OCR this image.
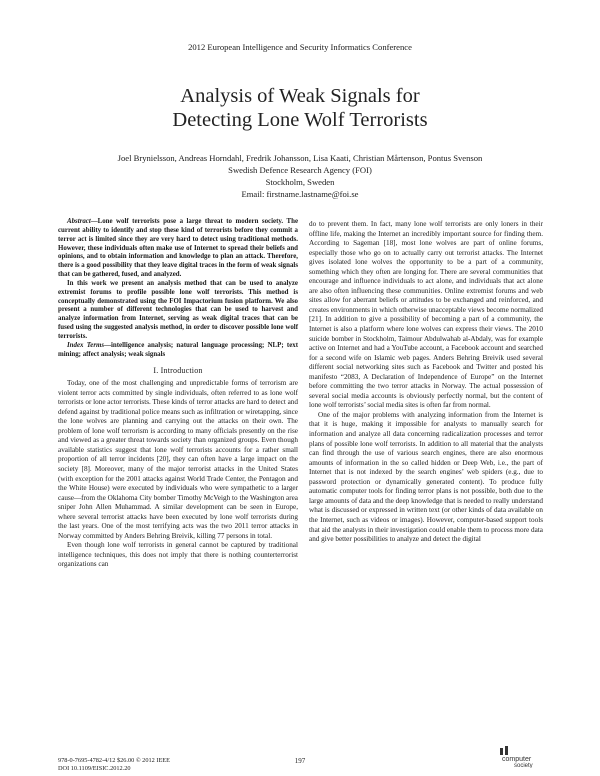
2012 European Intelligence and Security Informatics Conference
Analysis of Weak Signals for
Detecting Lone Wolf Terrorists
Joel Brynielsson, Andreas Horndahl, Fredrik Johansson, Lisa Kaati, Christian Mårtenson, Pontus Svenson
Swedish Defence Research Agency (FOI)
Stockholm, Sweden
Email: firstname.lastname@foi.se

Abstract—Lone wolf terrorists pose a large threat to modern society. The current ability to identify and stop these kind of terrorists before they commit a terror act is limited since they are very hard to detect using traditional methods. However, these individuals often make use of Internet to spread their beliefs and opinions, and to obtain information and knowledge to plan an attack. Therefore, there is a good possibility that they leave digital traces in the form of weak signals that can be gathered, fused, and analyzed.

In this work we present an analysis method that can be used to analyze extremist forums to profile possible lone wolf terrorists. This method is conceptually demonstrated using the FOI Impactorium fusion platform. We also present a number of different technologies that can be used to harvest and analyze information from Internet, serving as weak digital traces that can be fused using the suggested analysis method, in order to discover possible lone wolf terrorists.

Index Terms—intelligence analysis; natural language processing; NLP; text mining; affect analysis; weak signals

I. Introduction

Today, one of the most challenging and unpredictable forms of terrorism are violent terror acts committed by single individuals, often referred to as lone wolf terrorists or lone actor terrorists. These kinds of terror attacks are hard to detect and defend against by traditional police means such as infiltration or wiretapping, since the lone wolves are planning and carrying out the attacks on their own. The problem of lone wolf terrorism is according to many officials presently on the rise and viewed as a greater threat towards society than organized groups. Even though available statistics suggest that lone wolf terrorists accounts for a rather small proportion of all terror incidents [20], they can often have a large impact on the society [8]. Moreover, many of the major terrorist attacks in the United States (with exception for the 2001 attacks against World Trade Center, the Pentagon and the White House) were executed by individuals who were sympathetic to a larger cause—from the Oklahoma City bomber Timothy McVeigh to the Washington area sniper John Allen Muhammad. A similar development can be seen in Europe, where several terrorist attacks have been executed by lone wolf terrorists during the last years. One of the most terrifying acts was the two 2011 terror attacks in Norway committed by Anders Behring Breivik, killing 77 persons in total.

Even though lone wolf terrorists in general cannot be captured by traditional intelligence techniques, this does not imply that there is nothing counterterrorist organizations can

do to prevent them. In fact, many lone wolf terrorists are only loners in their offline life, making the Internet an incredibly important source for finding them. According to Sageman [18], most lone wolves are part of online forums, especially those who go on to actually carry out terrorist attacks. The Internet gives isolated lone wolves the opportunity to be a part of a community, something which they often are longing for. There are several communities that encourage and influence individuals to act alone, and individuals that act alone are also often influencing these communities. Online extremist forums and web sites allow for aberrant beliefs or attitudes to be exchanged and reinforced, and creates environments in which otherwise unacceptable views become normalized [21]. In addition to give a possibility of becoming a part of a community, the Internet is also a platform where lone wolves can express their views. The 2010 suicide bomber in Stockholm, Taimour Abdulwahab al-Abdaly, was for example active on Internet and had a YouTube account, a Facebook account and searched for a second wife on Islamic web pages. Anders Behring Breivik used several different social networking sites such as Facebook and Twitter and posted his manifesto “2083, A Declaration of Independence of Europe” on the Internet before committing the two terror attacks in Norway. The actual possession of several social media accounts is obviously perfectly normal, but the content of lone wolf terrorists’ social media sites is often far from normal.

One of the major problems with analyzing information from the Internet is that it is huge, making it impossible for analysts to manually search for information and analyze all data concerning radicalization processes and terror plans of possible lone wolf terrorists. In addition to all material that the analysts can find through the use of various search engines, there are also enormous amounts of information in the so called hidden or Deep Web, i.e., the part of Internet that is not indexed by the search engines’ web spiders (e.g., due to password protection or dynamically generated content). To produce fully automatic computer tools for finding terror plans is not possible, both due to the large amounts of data and the deep knowledge that is needed to really understand what is discussed or expressed in written text (or other kinds of data available on the Internet, such as videos or images). However, computer-based support tools that aid the analysts in their investigation could enable them to process more data and give better possibilities to analyze and detect the digital

978-0-7695-4782-4/12 $26.00 © 2012 IEEE
DOI 10.1109/EISIC.2012.20
197	computer
society
